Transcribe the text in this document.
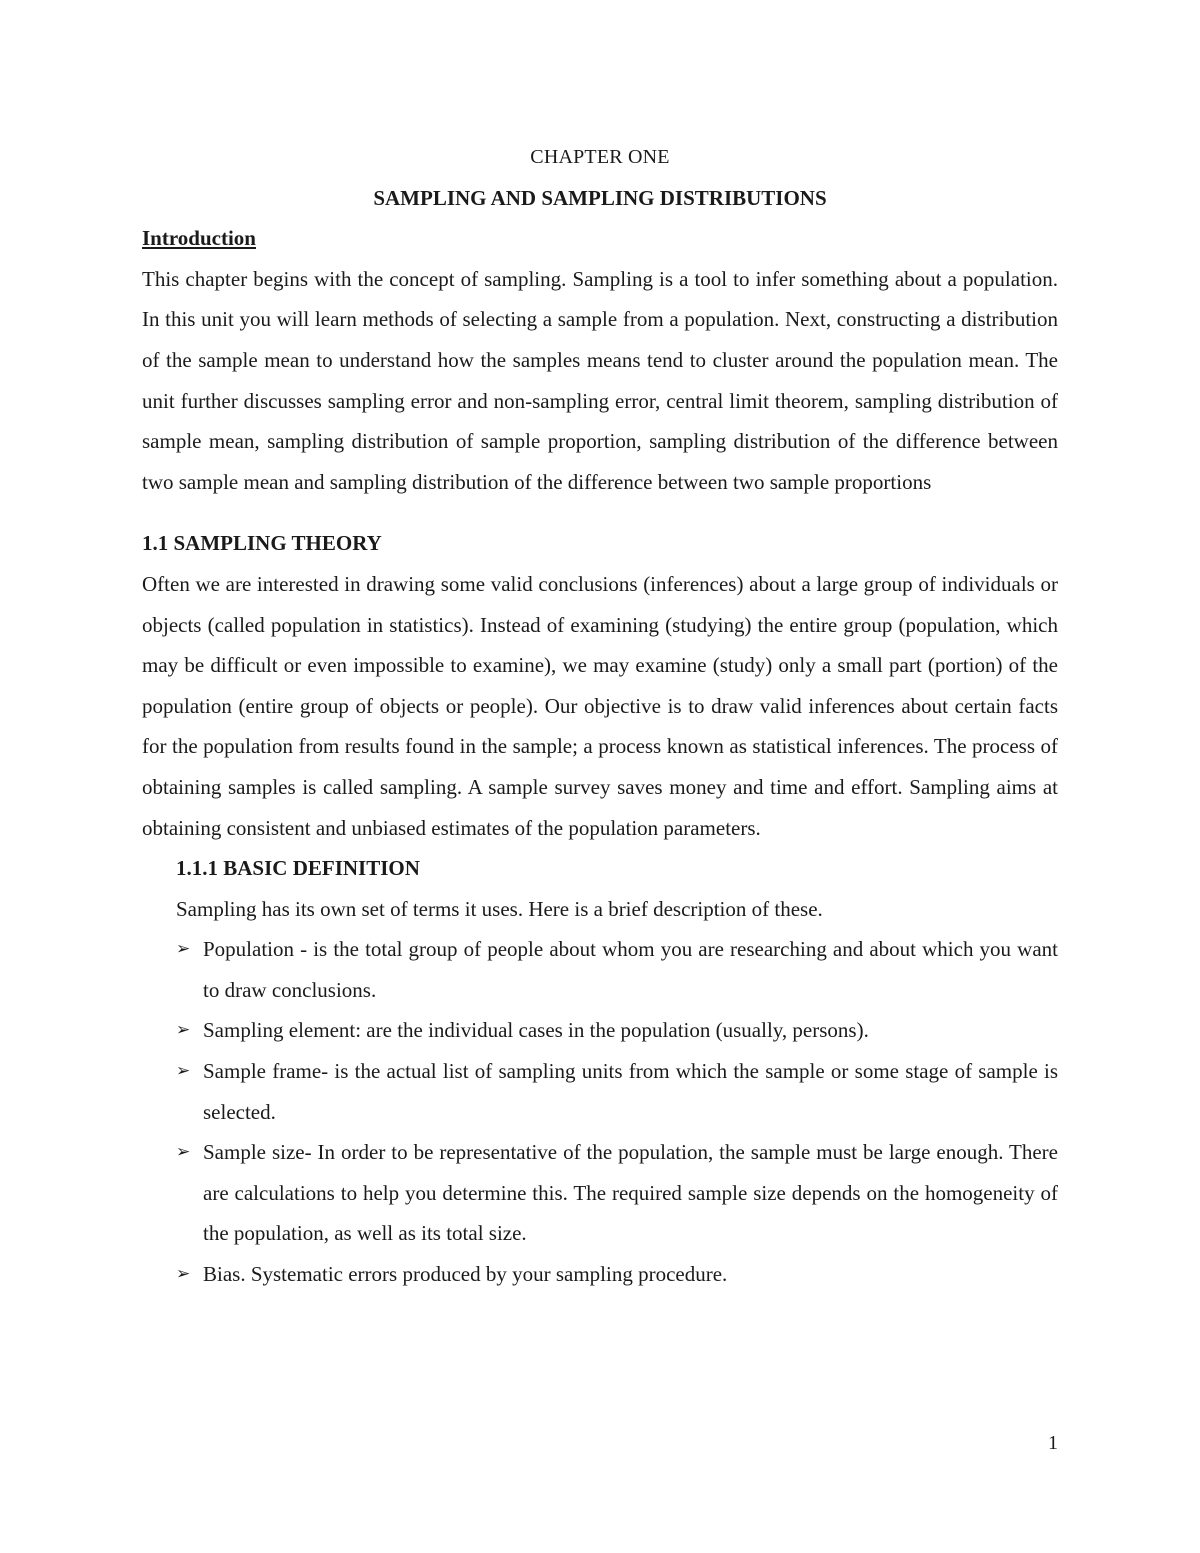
CHAPTER ONE
SAMPLING AND SAMPLING DISTRIBUTIONS
Introduction

This chapter begins with the concept of sampling. Sampling is a tool to infer something about a population. In this unit you will learn methods of selecting a sample from a population. Next, constructing a distribution of the sample mean to understand how the samples means tend to cluster around the population mean. The unit further discusses sampling error and non-sampling error, central limit theorem, sampling distribution of sample mean, sampling distribution of sample proportion, sampling distribution of the difference between two sample mean and sampling distribution of the difference between two sample proportions

1.1 SAMPLING THEORY

Often we are interested in drawing some valid conclusions (inferences) about a large group of individuals or objects (called population in statistics). Instead of examining (studying) the entire group (population, which may be difficult or even impossible to examine), we may examine (study) only a small part (portion) of the population (entire group of objects or people). Our objective is to draw valid inferences about certain facts for the population from results found in the sample; a process known as statistical inferences. The process of obtaining samples is called sampling. A sample survey saves money and time and effort. Sampling aims at obtaining consistent and unbiased estimates of the population parameters.

1.1.1 BASIC DEFINITION
Sampling has its own set of terms it uses. Here is a brief description of these.
➢ Population - is the total group of people about whom you are researching and about which you want to draw conclusions.
➢ Sampling element: are the individual cases in the population (usually, persons).
➢ Sample frame- is the actual list of sampling units from which the sample or some stage of sample is selected.
➢ Sample size- In order to be representative of the population, the sample must be large enough. There are calculations to help you determine this. The required sample size depends on the homogeneity of the population, as well as its total size.
➢ Bias. Systematic errors produced by your sampling procedure.
1
